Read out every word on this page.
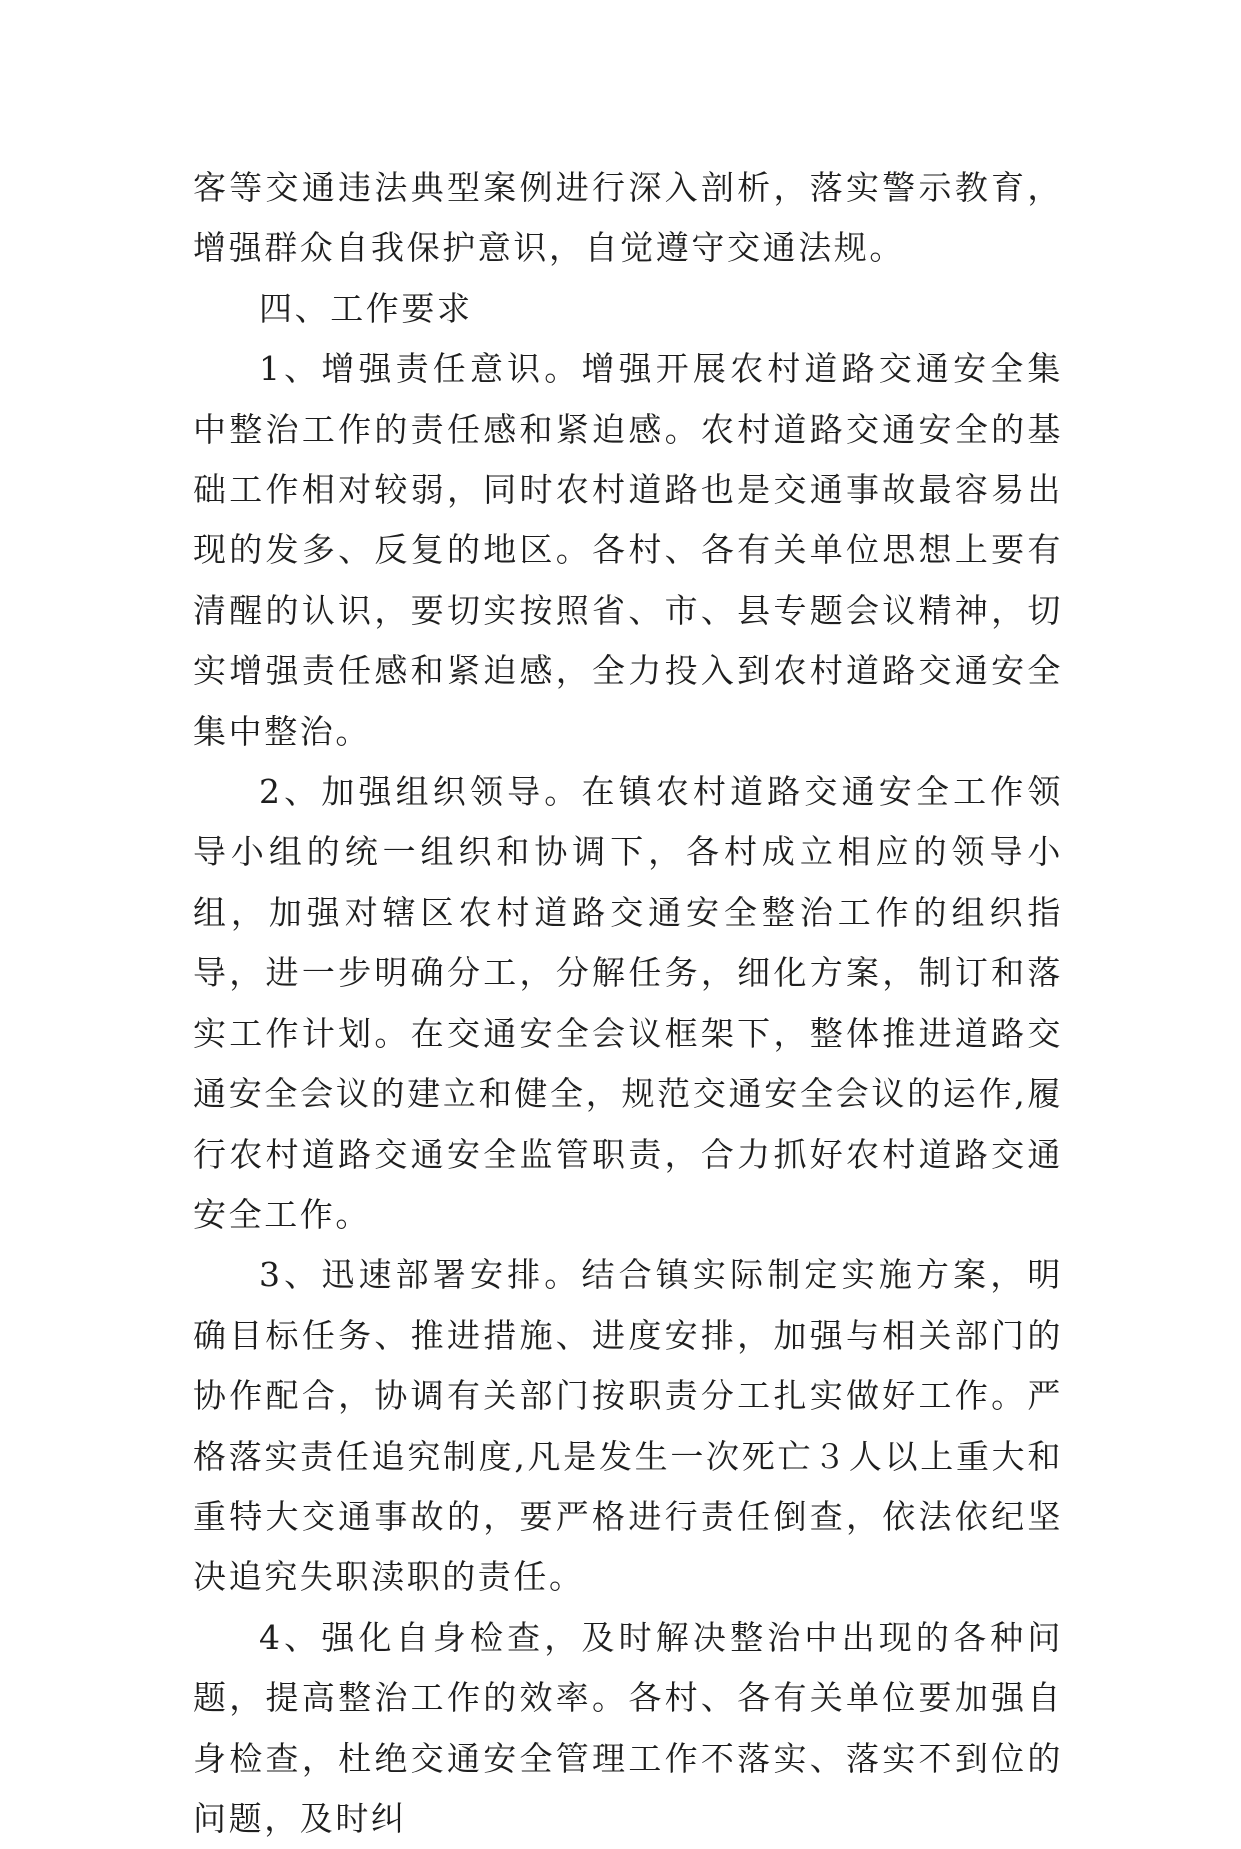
客等交通违法典型案例进行深入剖析，落实警示教育，增强群众自我保护意识，自觉遵守交通法规。

四、工作要求

1、增强责任意识。增强开展农村道路交通安全集中整治工作的责任感和紧迫感。农村道路交通安全的基础工作相对较弱，同时农村道路也是交通事故最容易出现的发多、反复的地区。各村、各有关单位思想上要有清醒的认识，要切实按照省、市、县专题会议精神，切实增强责任感和紧迫感，全力投入到农村道路交通安全集中整治。

2、加强组织领导。在镇农村道路交通安全工作领导小组的统一组织和协调下，各村成立相应的领导小组，加强对辖区农村道路交通安全整治工作的组织指导，进一步明确分工，分解任务，细化方案，制订和落实工作计划。在交通安全会议框架下，整体推进道路交通安全会议的建立和健全，规范交通安全会议的运作,履行农村道路交通安全监管职责，合力抓好农村道路交通安全工作。

3、迅速部署安排。结合镇实际制定实施方案，明确目标任务、推进措施、进度安排，加强与相关部门的协作配合，协调有关部门按职责分工扎实做好工作。严格落实责任追究制度,凡是发生一次死亡３人以上重大和重特大交通事故的，要严格进行责任倒查，依法依纪坚决追究失职渎职的责任。

4、强化自身检查，及时解决整治中出现的各种问题，提高整治工作的效率。各村、各有关单位要加强自身检查，杜绝交通安全管理工作不落实、落实不到位的问题，及时纠
